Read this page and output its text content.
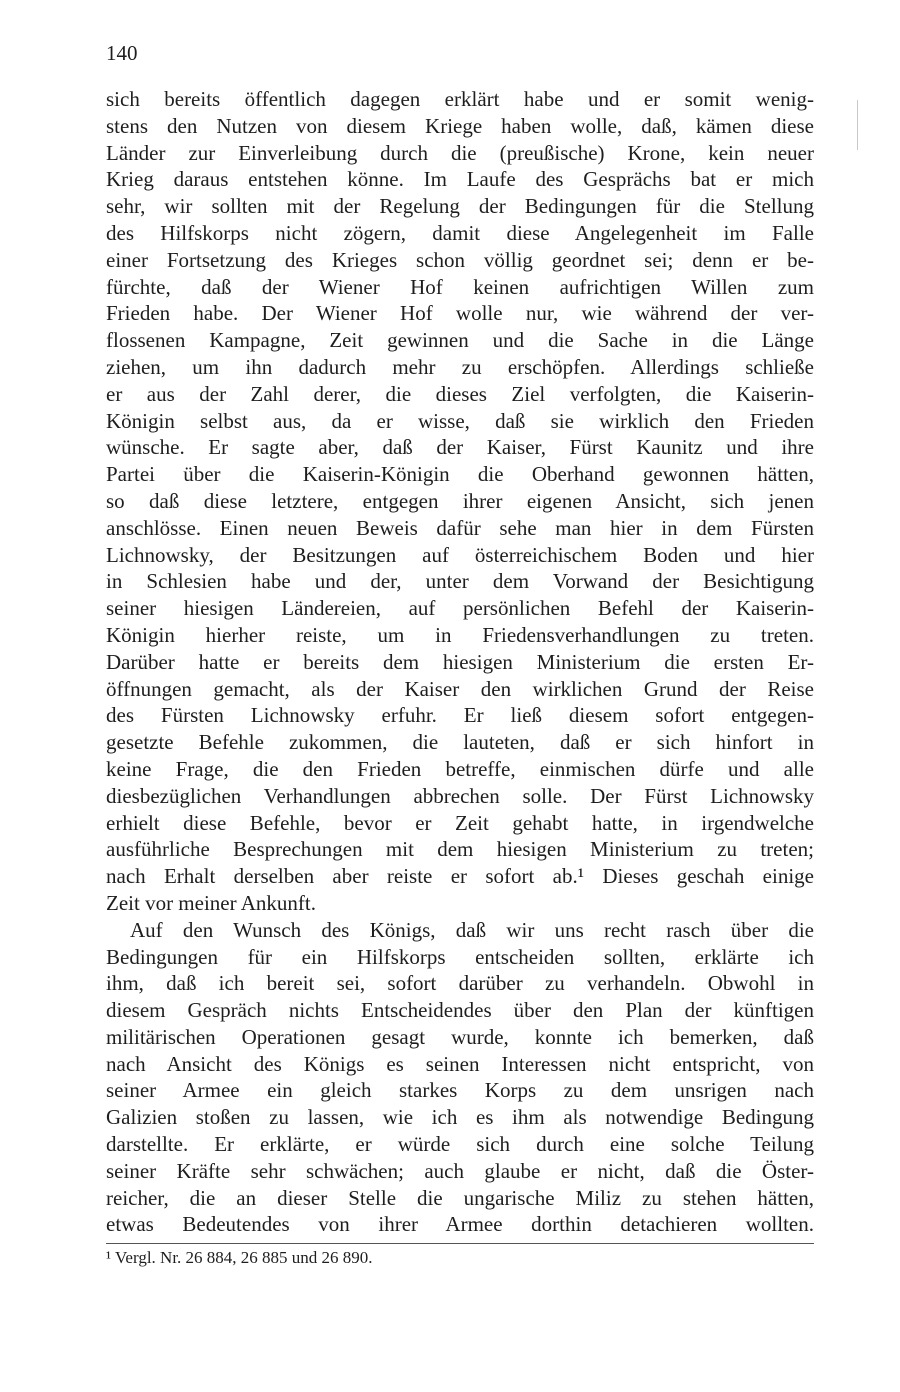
140
sich bereits öffentlich dagegen erklärt habe und er somit wenig-
stens den Nutzen von diesem Kriege haben wolle, daß, kämen diese
Länder zur Einverleibung durch die (preußische) Krone, kein neuer
Krieg daraus entstehen könne. Im Laufe des Gesprächs bat er mich
sehr, wir sollten mit der Regelung der Bedingungen für die Stellung
des Hilfskorps nicht zögern, damit diese Angelegenheit im Falle
einer Fortsetzung des Krieges schon völlig geordnet sei; denn er be-
fürchte, daß der Wiener Hof keinen aufrichtigen Willen zum
Frieden habe. Der Wiener Hof wolle nur, wie während der ver-
flossenen Kampagne, Zeit gewinnen und die Sache in die Länge
ziehen, um ihn dadurch mehr zu erschöpfen. Allerdings schließe
er aus der Zahl derer, die dieses Ziel verfolgten, die Kaiserin-
Königin selbst aus, da er wisse, daß sie wirklich den Frieden
wünsche. Er sagte aber, daß der Kaiser, Fürst Kaunitz und ihre
Partei über die Kaiserin-Königin die Oberhand gewonnen hätten,
so daß diese letztere, entgegen ihrer eigenen Ansicht, sich jenen
anschlösse. Einen neuen Beweis dafür sehe man hier in dem Fürsten
Lichnowsky, der Besitzungen auf österreichischem Boden und hier
in Schlesien habe und der, unter dem Vorwand der Besichtigung
seiner hiesigen Ländereien, auf persönlichen Befehl der Kaiserin-
Königin hierher reiste, um in Friedensverhandlungen zu treten.
Darüber hatte er bereits dem hiesigen Ministerium die ersten Er-
öffnungen gemacht, als der Kaiser den wirklichen Grund der Reise
des Fürsten Lichnowsky erfuhr. Er ließ diesem sofort entgegen-
gesetzte Befehle zukommen, die lauteten, daß er sich hinfort in
keine Frage, die den Frieden betreffe, einmischen dürfe und alle
diesbezüglichen Verhandlungen abbrechen solle. Der Fürst Lichnowsky
erhielt diese Befehle, bevor er Zeit gehabt hatte, in irgendwelche
ausführliche Besprechungen mit dem hiesigen Ministerium zu treten;
nach Erhalt derselben aber reiste er sofort ab.¹ Dieses geschah einige
Zeit vor meiner Ankunft.
Auf den Wunsch des Königs, daß wir uns recht rasch über die
Bedingungen für ein Hilfskorps entscheiden sollten, erklärte ich
ihm, daß ich bereit sei, sofort darüber zu verhandeln. Obwohl in
diesem Gespräch nichts Entscheidendes über den Plan der künftigen
militärischen Operationen gesagt wurde, konnte ich bemerken, daß
nach Ansicht des Königs es seinen Interessen nicht entspricht, von
seiner Armee ein gleich starkes Korps zu dem unsrigen nach
Galizien stoßen zu lassen, wie ich es ihm als notwendige Bedingung
darstellte. Er erklärte, er würde sich durch eine solche Teilung
seiner Kräfte sehr schwächen; auch glaube er nicht, daß die Öster-
reicher, die an dieser Stelle die ungarische Miliz zu stehen hätten,
etwas Bedeutendes von ihrer Armee dorthin detachieren wollten.
¹ Vergl. Nr. 26 884, 26 885 und 26 890.
